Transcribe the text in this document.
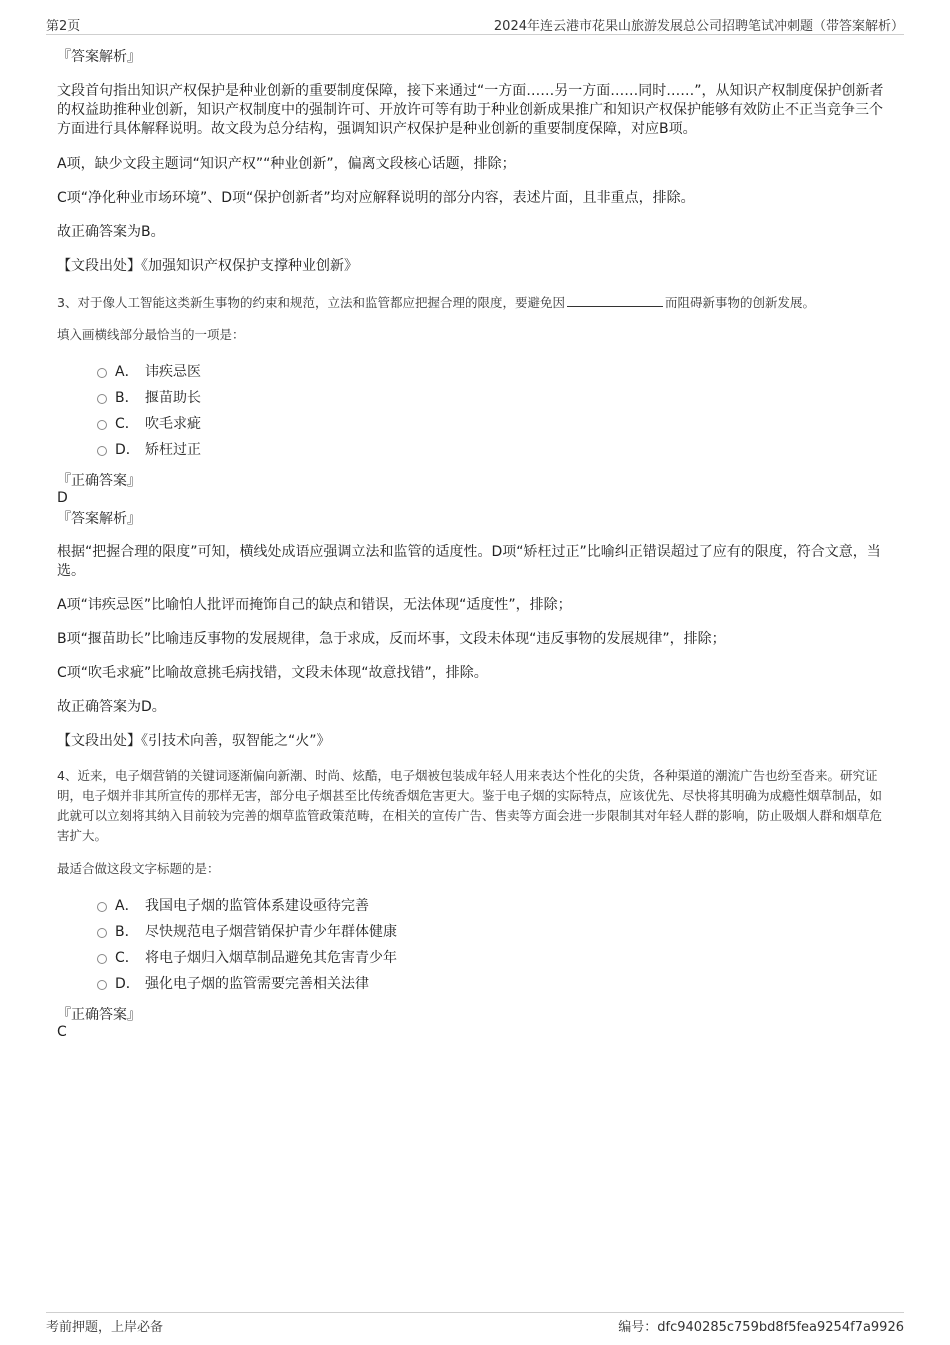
第2页	2024年连云港市花果山旅游发展总公司招聘笔试冲刺题（带答案解析）

『答案解析』

文段首句指出知识产权保护是种业创新的重要制度保障，接下来通过“一方面……另一方面……同时……”，从知识产权制度保护创新者的权益助推种业创新，知识产权制度中的强制许可、开放许可等有助于种业创新成果推广和知识产权保护能够有效防止不正当竞争三个方面进行具体解释说明。故文段为总分结构，强调知识产权保护是种业创新的重要制度保障，对应B项。

A项，缺少文段主题词“知识产权”“种业创新”，偏离文段核心话题，排除；

C项“净化种业市场环境”、D项“保护创新者”均对应解释说明的部分内容，表述片面，且非重点，排除。

故正确答案为B。

【文段出处】《加强知识产权保护支撑种业创新》

3、对于像人工智能这类新生事物的约束和规范，立法和监管都应把握合理的限度，要避免因	而阻碍新事物的创新发展。

填入画横线部分最恰当的一项是：

A． 讳疾忌医
B． 揠苗助长
C． 吹毛求疵
D． 矫枉过正

『正确答案』

D

『答案解析』

根据“把握合理的限度”可知，横线处成语应强调立法和监管的适度性。D项“矫枉过正”比喻纠正错误超过了应有的限度，符合文意，当选。

A项“讳疾忌医”比喻怕人批评而掩饰自己的缺点和错误，无法体现“适度性”，排除；

B项“揠苗助长”比喻违反事物的发展规律，急于求成，反而坏事，文段未体现“违反事物的发展规律”，排除；

C项“吹毛求疵”比喻故意挑毛病找错，文段未体现“故意找错”，排除。

故正确答案为D。

【文段出处】《引技术向善，驭智能之“火”》

4、近来，电子烟营销的关键词逐渐偏向新潮、时尚、炫酷，电子烟被包装成年轻人用来表达个性化的尖货，各种渠道的潮流广告也纷至沓来。研究证明，电子烟并非其所宣传的那样无害，部分电子烟甚至比传统香烟危害更大。鉴于电子烟的实际特点，应该优先、尽快将其明确为成瘾性烟草制品，如此就可以立刻将其纳入目前较为完善的烟草监管政策范畴，在相关的宣传广告、售卖等方面会进一步限制其对年轻人群的影响，防止吸烟人群和烟草危害扩大。

最适合做这段文字标题的是：

A． 我国电子烟的监管体系建设亟待完善
B． 尽快规范电子烟营销保护青少年群体健康
C． 将电子烟归入烟草制品避免其危害青少年
D． 强化电子烟的监管需要完善相关法律

『正确答案』

C

考前押题，上岸必备	编号：dfc940285c759bd8f5fea9254f7a9926
